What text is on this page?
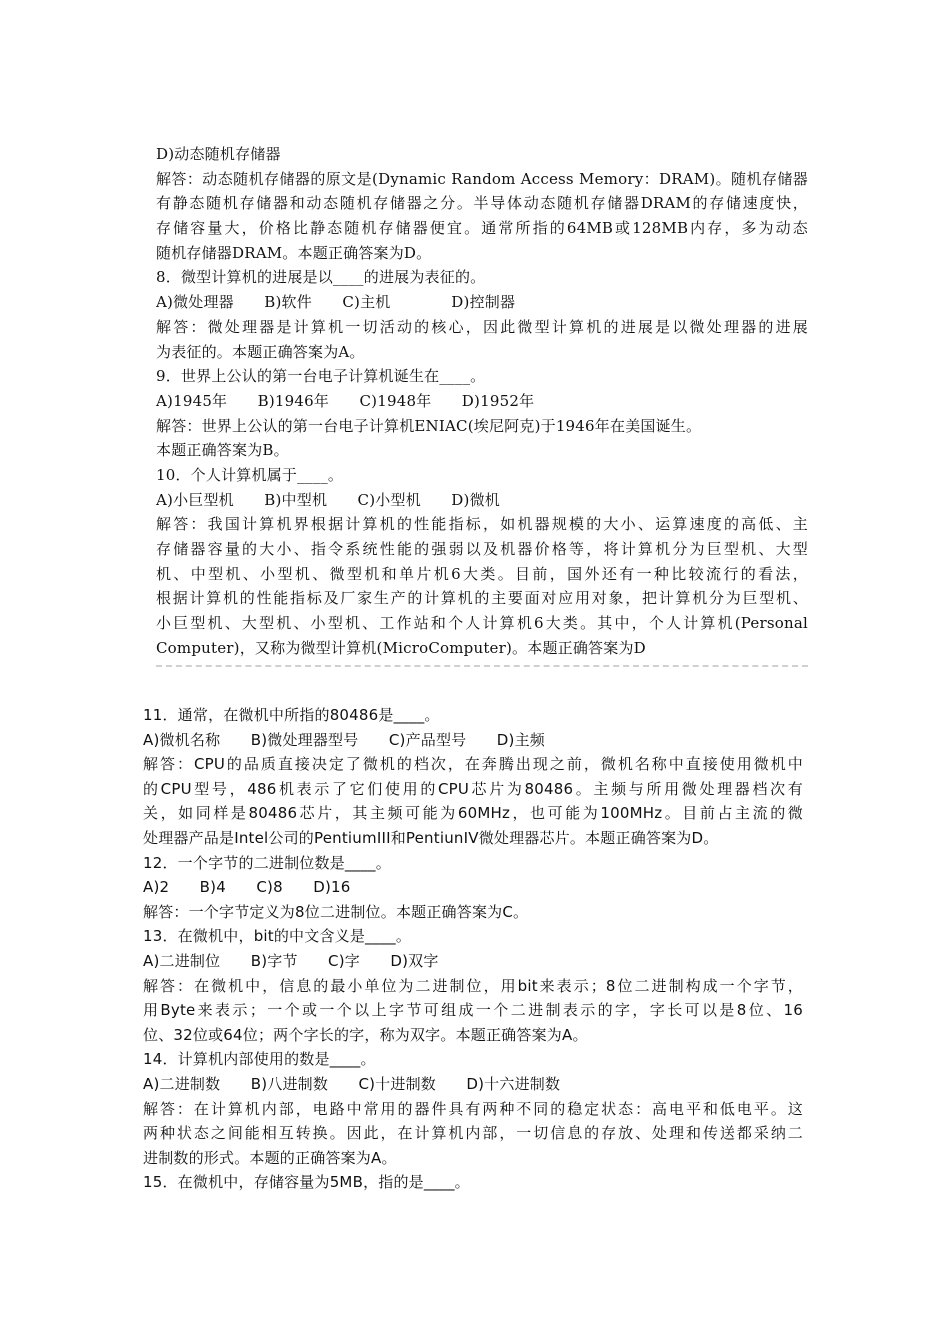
D)动态随机存储器
解答：动态随机存储器的原文是(Dynamic Random Access Memory：DRAM)。随机存储器
有静态随机存储器和动态随机存储器之分。半导体动态随机存储器DRAM的存储速度快，
存储容量大，价格比静态随机存储器便宜。通常所指的64MB或128MB内存，多为动态
随机存储器DRAM。本题正确答案为D。
8．微型计算机的进展是以____的进展为表征的。
A)微处理器　　B)软件　　C)主机　　　　D)控制器
解答：微处理器是计算机一切活动的核心，因此微型计算机的进展是以微处理器的进展
为表征的。本题正确答案为A。
9．世界上公认的第一台电子计算机诞生在____。
A)1945年　　B)1946年　　C)1948年　　D)1952年
解答：世界上公认的第一台电子计算机ENIAC(埃尼阿克)于1946年在美国诞生。
本题正确答案为B。
10．个人计算机属于____。
A)小巨型机　　B)中型机　　C)小型机　　D)微机
解答：我国计算机界根据计算机的性能指标，如机器规模的大小、运算速度的高低、主
存储器容量的大小、指令系统性能的强弱以及机器价格等，将计算机分为巨型机、大型
机、中型机、小型机、微型机和单片机6大类。目前，国外还有一种比较流行的看法，
根据计算机的性能指标及厂家生产的计算机的主要面对应用对象，把计算机分为巨型机、
小巨型机、大型机、小型机、工作站和个人计算机6大类。其中，个人计算机(Personal
Computer)，又称为微型计算机(MicroComputer)。本题正确答案为D
11．通常，在微机中所指的80486是____。
A)微机名称　　B)微处理器型号　　C)产品型号　　D)主频
解答：CPU的品质直接决定了微机的档次，在奔腾出现之前，微机名称中直接使用微机中
的CPU型号，486机表示了它们使用的CPU芯片为80486。主频与所用微处理器档次有
关，如同样是80486芯片，其主频可能为60MHz，也可能为100MHz。目前占主流的微
处理器产品是Intel公司的PentiumIII和PentiunIV微处理器芯片。本题正确答案为D。
12．一个字节的二进制位数是____。
A)2　　B)4　　C)8　　D)16
解答：一个字节定义为8位二进制位。本题正确答案为C。
13．在微机中，bit的中文含义是____。
A)二进制位　　B)字节　　C)字　　D)双字
解答：在微机中，信息的最小单位为二进制位，用bit来表示；8位二进制构成一个字节，
用Byte来表示；一个或一个以上字节可组成一个二进制表示的字，字长可以是8位、16
位、32位或64位；两个字长的字，称为双字。本题正确答案为A。
14．计算机内部使用的数是____。
A)二进制数　　B)八进制数　　C)十进制数　　D)十六进制数
解答：在计算机内部，电路中常用的器件具有两种不同的稳定状态：高电平和低电平。这
两种状态之间能相互转换。因此，在计算机内部，一切信息的存放、处理和传送都采纳二
进制数的形式。本题的正确答案为A。
15．在微机中，存储容量为5MB，指的是____。
